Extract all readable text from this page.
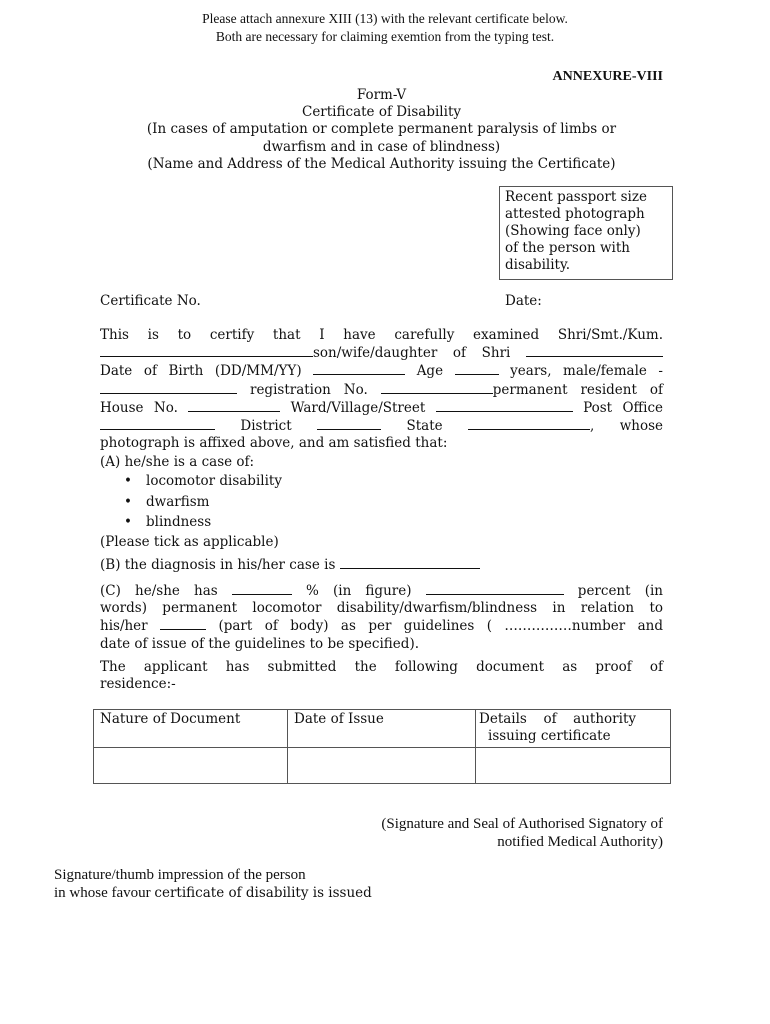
Please attach annexure XIII (13) with the relevant certificate below.
Both are necessary for claiming exemtion from the typing test.
ANNEXURE-VIII
Form-V
Certificate of Disability
(In cases of amputation or complete permanent paralysis of limbs or
dwarfism and in case of blindness)
(Name and Address of the Medical Authority issuing the Certificate)
Recent passport size
attested photograph
(Showing face only)
of the person with
disability.
Certificate No.	Date:
This is to certify that I have carefully examined Shri/Smt./Kum.
son/wife/daughter of Shri
Date of Birth (DD/MM/YY)	Age	years, male/female -
registration No.	permanent resident of
House No.	Ward/Village/Street	Post Office
District	State	, whose
photograph is affixed above, and am satisfied that:
(A) he/she is a case of:
• locomotor disability
• dwarfism
• blindness
(Please tick as applicable)
(B) the diagnosis in his/her case is
(C) he/she has	% (in figure)	percent (in
words) permanent locomotor disability/dwarfism/blindness in relation to
his/her	(part of body) as per guidelines ( ……………number and
date of issue of the guidelines to be specified).
The applicant has submitted the following document as proof of
residence:-
Nature of Document	Date of Issue	Details of authority
issuing certificate

(Signature and Seal of Authorised Signatory of
notified Medical Authority)
Signature/thumb impression of the person
in whose favour certificate of disability is issued
